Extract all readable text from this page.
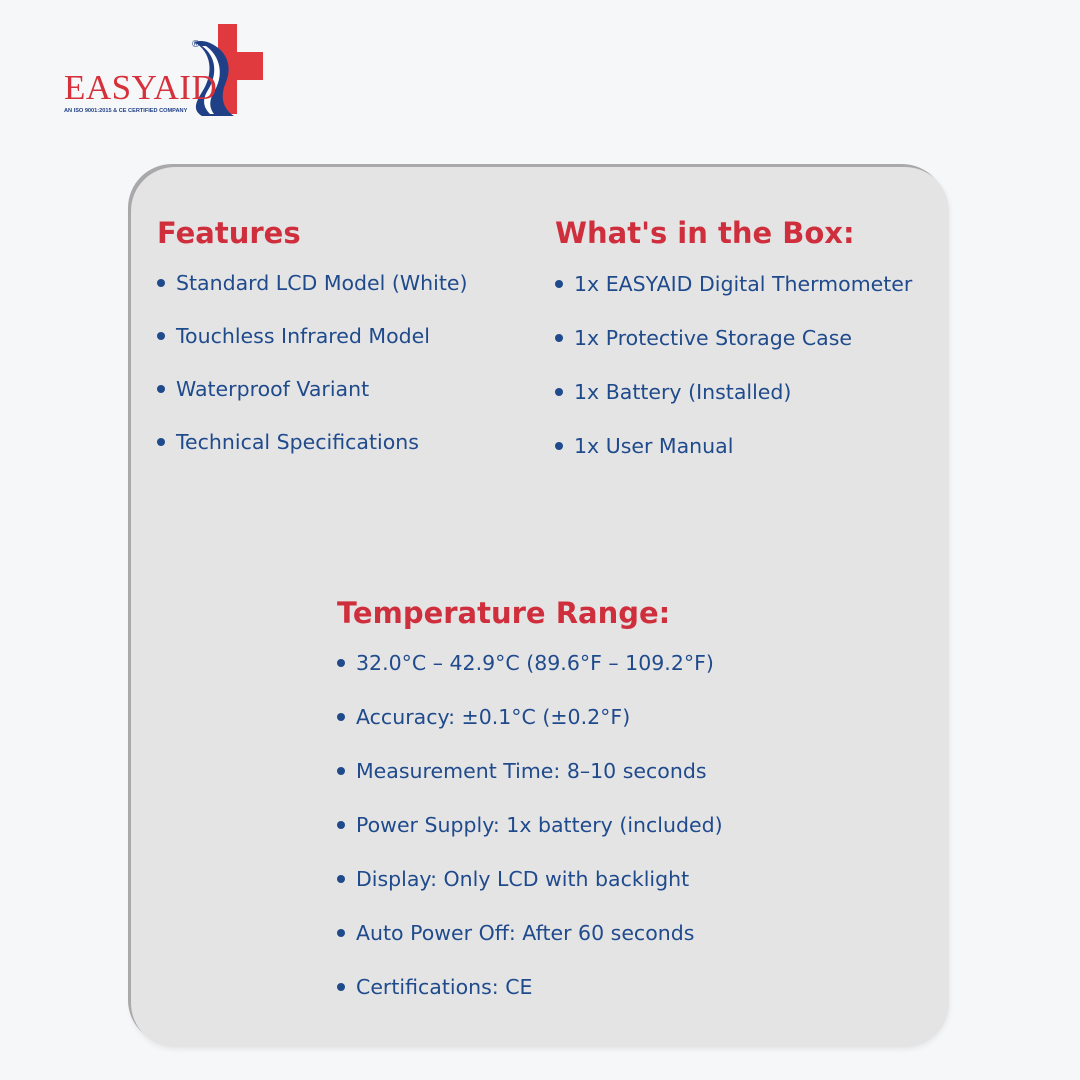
EASYAID
®
AN ISO 9001:2015 & CE CERTIFIED COMPANY
Features
Standard LCD Model (White)
Touchless Infrared Model
Waterproof Variant
Technical Specifications
What's in the Box:
1x EASYAID Digital Thermometer
1x Protective Storage Case
1x Battery (Installed)
1x User Manual
Temperature Range:
32.0°C – 42.9°C (89.6°F – 109.2°F)
Accuracy: ±0.1°C (±0.2°F)
Measurement Time: 8–10 seconds
Power Supply: 1x battery (included)
Display: Only LCD with backlight
Auto Power Off: After 60 seconds
Certifications: CE
